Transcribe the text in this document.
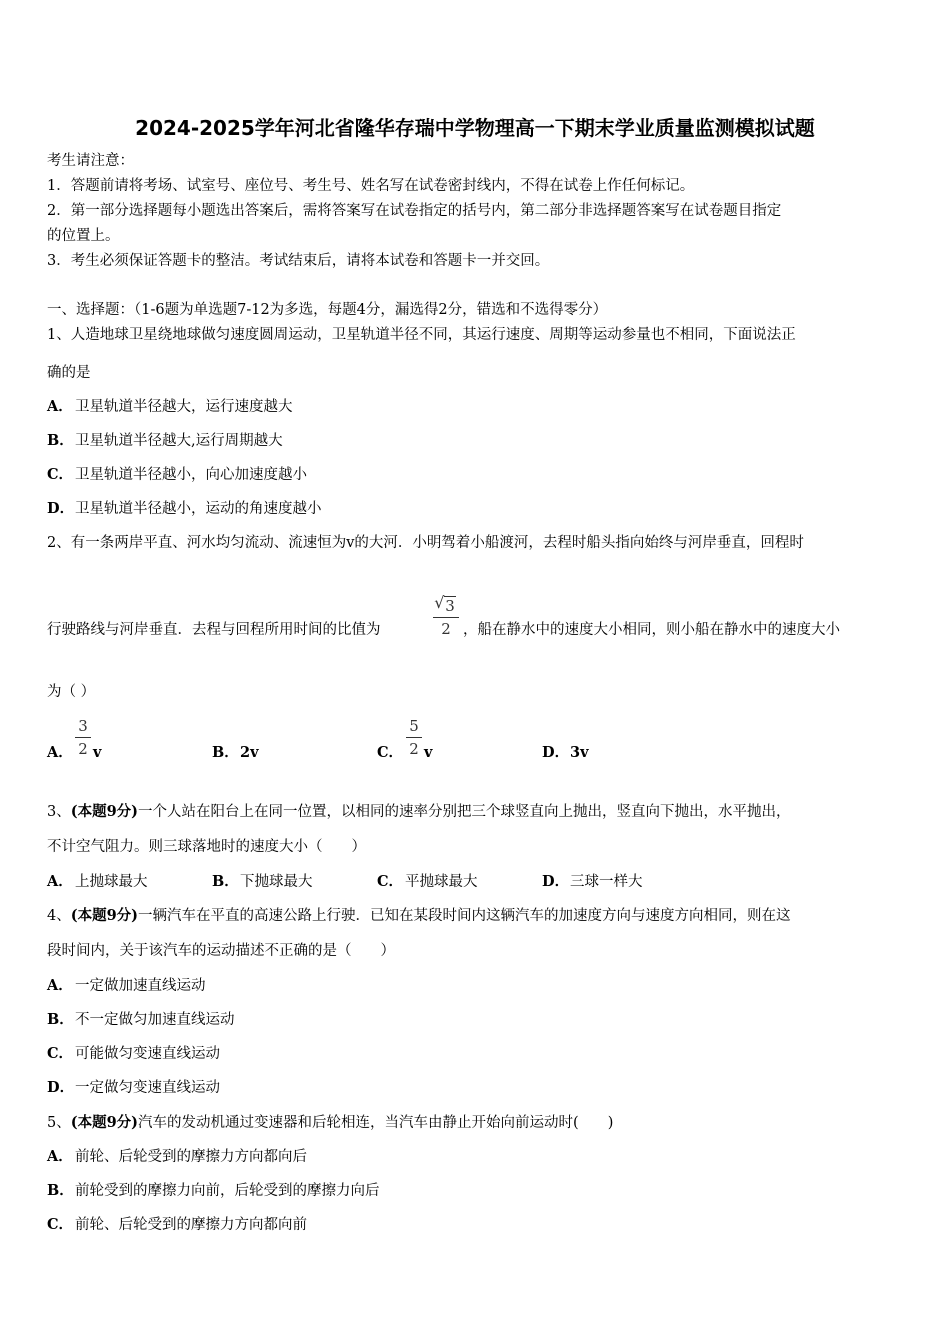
2024-2025学年河北省隆华存瑞中学物理高一下期末学业质量监测模拟试题
考生请注意：
1．答题前请将考场、试室号、座位号、考生号、姓名写在试卷密封线内，不得在试卷上作任何标记。
2．第一部分选择题每小题选出答案后，需将答案写在试卷指定的括号内，第二部分非选择题答案写在试卷题目指定
的位置上。
3．考生必须保证答题卡的整洁。考试结束后，请将本试卷和答题卡一并交回。
一、选择题：（1-6题为单选题7-12为多选，每题4分，漏选得2分，错选和不选得零分）
1、人造地球卫星绕地球做匀速度圆周运动，卫星轨道半径不同，其运行速度、周期等运动参量也不相同，下面说法正
确的是
A． 卫星轨道半径越大，运行速度越大
B．卫星轨道半径越大,运行周期越大
C． 卫星轨道半径越小，向心加速度越小
D．卫星轨道半径越小，运动的角速度越小
2、有一条两岸平直、河水均匀流动、流速恒为v的大河．小明驾着小船渡河，去程时船头指向始终与河岸垂直，回程时
行驶路线与河岸垂直．去程与回程所用时间的比值为
√ 3
2 ，船在静水中的速度大小相同，则小船在静水中的速度大小
为（ ）
A．
3
2 v	B．2v	C．
5
2 v	D．3v
3、(本题9分)一个人站在阳台上在同一位置，以相同的速率分别把三个球竖直向上抛出，竖直向下抛出，水平抛出，
不计空气阻力。则三球落地时的速度大小（　　）
A． 上抛球最大	B．下抛球最大	C． 平抛球最大	D．三球一样大
4、(本题9分)一辆汽车在平直的高速公路上行驶．已知在某段时间内这辆汽车的加速度方向与速度方向相同，则在这
段时间内，关于该汽车的运动描述不正确的是（　　）
A． 一定做加速直线运动
B．不一定做匀加速直线运动
C． 可能做匀变速直线运动
D．一定做匀变速直线运动
5、(本题9分)汽车的发动机通过变速器和后轮相连，当汽车由静止开始向前运动时(　　)
A． 前轮、后轮受到的摩擦力方向都向后
B．前轮受到的摩擦力向前，后轮受到的摩擦力向后
C． 前轮、后轮受到的摩擦力方向都向前
